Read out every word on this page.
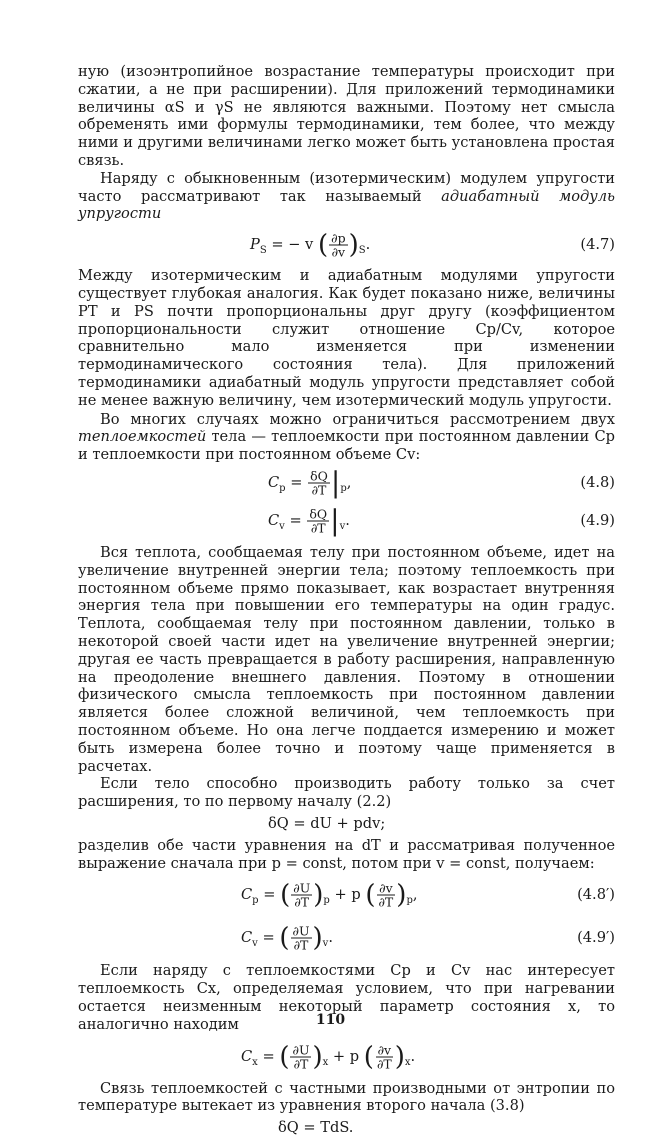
ную (изоэнтропийное возрастание температуры происходит при сжатии, а не при расширении). Для приложений термодинамики величины αS и γS не являются важными. Поэтому нет смысла обременять ими формулы термодинамики, тем более, что между ними и другими величинами легко может быть установлена простая связь.

Наряду с обыкновенным (изотермическим) модулем упругости часто рассматривают так называемый адиабатный модуль упругости

$P_S$ = − v ( $\frac{\partial p}{\partial v} )_S$.	(4.7)

Между изотермическим и адиабатным модулями упругости существует глубокая аналогия. Как будет показано ниже, величины PT и PS почти пропорциональны друг другу (коэффициентом пропорциональности служит отношение Cp/Cv, которое сравнительно мало изменяется при изменении термодинамического состояния тела). Для приложений термодинамики адиабатный модуль упругости представляет собой не менее важную величину, чем изотермический модуль упругости.

Во многих случаях можно ограничиться рассмотрением двух теплоемкостей тела — теплоемкости при постоянном давлении Cp и теплоемкости при постоянном объеме Cv:

$C_p = \frac{\delta Q}{\partial T} |_p$,	(4.8)
$C_v = \frac{\delta Q}{\partial T} |_v$.	(4.9)

Вся теплота, сообщаемая телу при постоянном объеме, идет на увеличение внутренней энергии тела; поэтому теплоемкость при постоянном объеме прямо показывает, как возрастает внутренняя энергия тела при повышении его температуры на один градус. Теплота, сообщаемая телу при постоянном давлении, только в некоторой своей части идет на увеличение внутренней энергии; другая ее часть превращается в работу расширения, направленную на преодоление внешнего давления. Поэтому в отношении физического смысла теплоемкость при постоянном давлении является более сложной величиной, чем теплоемкость при постоянном объеме. Но она легче поддается измерению и может быть измерена более точно и поэтому чаще применяется в расчетах.

Если тело способно производить работу только за счет расширения, то по первому началу (2.2)

δQ = dU + pdv;

разделив обе части уравнения на dT и рассматривая полученное выражение сначала при p = const, потом при v = const, получаем:

$C_p$ = ( $\frac{\partial U}{\partial T} )_p + p$ ( $\frac{\partial v}{\partial T} )_p$,	(4.8′)
$C_v$ = ( $\frac{\partial U}{\partial T} )_v$.	(4.9′)

Если наряду с теплоемкостями Cp и Cv нас интересует теплоемкость Cx, определяемая условием, что при нагревании остается неизменным некоторый параметр состояния x, то аналогично находим

$C_x$ = ( $\frac{\partial U}{\partial T} )_x + p$ ( $\frac{\partial v}{\partial T} )_x$.

Связь теплоемкостей с частными производными от энтропии по температуре вытекает из уравнения второго начала (3.8)

δQ = TdS.
110
